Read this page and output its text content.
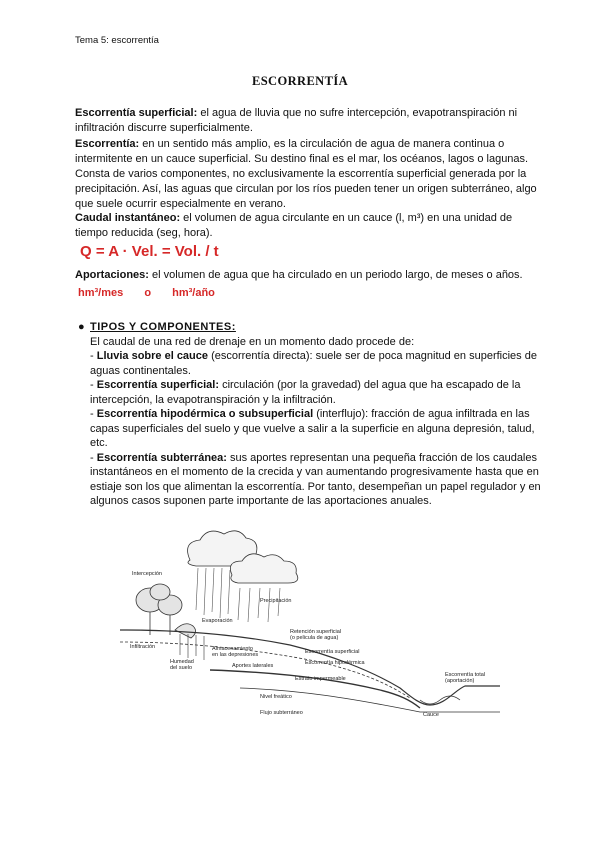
Tema 5: escorrentía
ESCORRENTÍA
Escorrentía superficial: el agua de lluvia que no sufre intercepción, evapotranspiración ni infiltración discurre superficialmente.
Escorrentía: en un sentido más amplio, es la circulación de agua de manera continua o intermitente en un cauce superficial. Su destino final es el mar, los océanos, lagos o lagunas. Consta de varios componentes, no exclusivamente la escorrentía superficial generada por la precipitación. Así, las aguas que circulan por los ríos pueden tener un origen subterráneo, algo que suele ocurrir especialmente en verano.
Caudal instantáneo: el volumen de agua circulante en un cauce (l, m³) en una unidad de tiempo reducida (seg, hora).
Q = A · Vel. = Vol. / t
Aportaciones: el volumen de agua que ha circulado en un periodo largo, de meses o años.
hm³/mes o hm³/año
● TIPOS Y COMPONENTES:
El caudal de una red de drenaje en un momento dado procede de:
- Lluvia sobre el cauce (escorrentía directa): suele ser de poca magnitud en superficies de aguas continentales.
- Escorrentía superficial: circulación (por la gravedad) del agua que ha escapado de la intercepción, la evapotranspiración y la infiltración.
- Escorrentía hipodérmica o subsuperficial (interflujo): fracción de agua infiltrada en las capas superficiales del suelo y que vuelve a salir a la superficie en alguna depresión, talud, etc.
- Escorrentía subterránea: sus aportes representan una pequeña fracción de los caudales instantáneos en el momento de la crecida y van aumentando progresivamente hasta que en estiaje son los que alimentan la escorrentía. Por tanto, desempeñan un papel regulador y en algunos casos suponen parte importante de las aportaciones anuales.
Intercepción
Precipitación
Evaporación
Infiltración
Retención superficial
(o pelicula de agua)
Escorrentía superficial
Almacenamiento
en las depresiones
Humedad
del suelo
Escorrentía hipodérmica
Aportes laterales
Estrato impermeable
Nivel freático
Flujo subterráneo	Cauce
Escorrentía total
(aportación)
